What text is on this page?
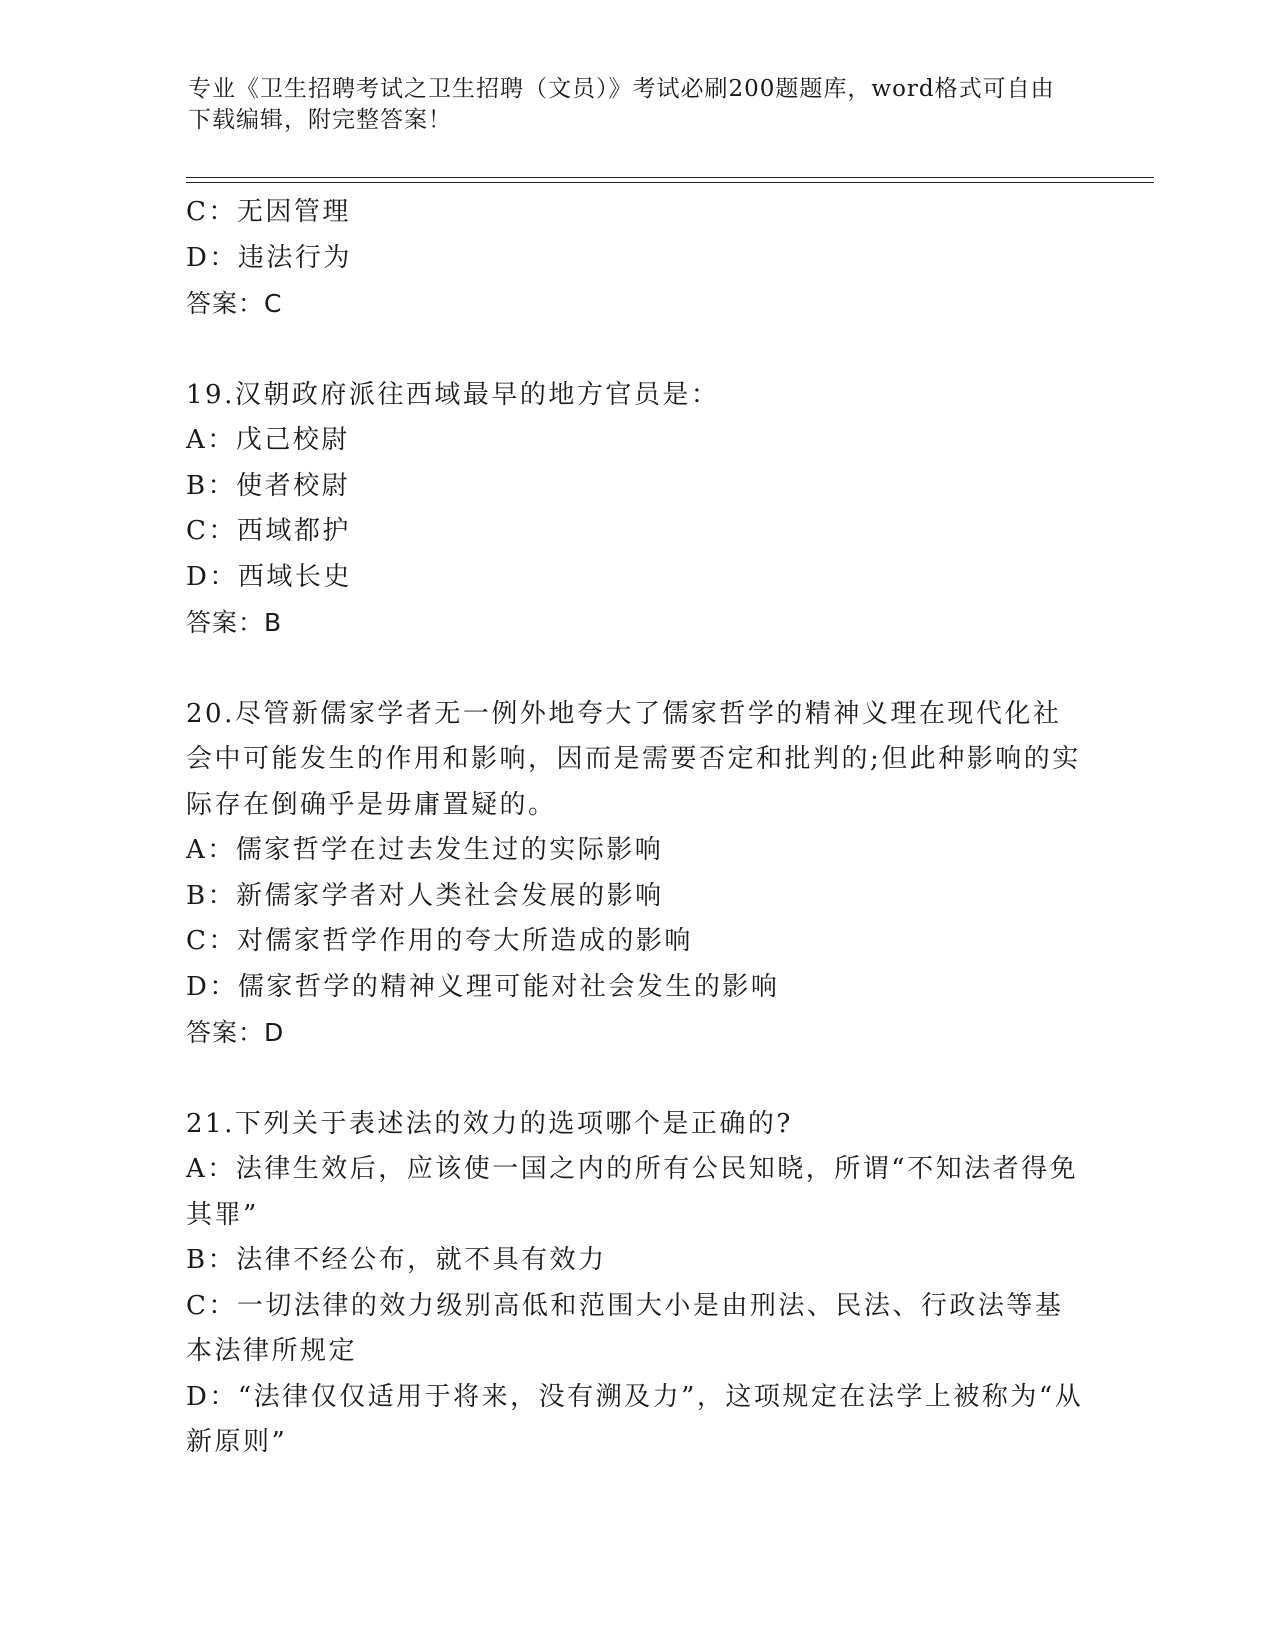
专业《卫生招聘考试之卫生招聘（文员）》考试必刷200题题库，word格式可自由下载编辑，附完整答案！
C：无因管理
D：违法行为
答案：C
19.汉朝政府派往西域最早的地方官员是：
A：戊己校尉
B：使者校尉
C：西域都护
D：西域长史
答案：B
20.尽管新儒家学者无一例外地夸大了儒家哲学的精神义理在现代化社会中可能发生的作用和影响，因而是需要否定和批判的;但此种影响的实际存在倒确乎是毋庸置疑的。
A：儒家哲学在过去发生过的实际影响
B：新儒家学者对人类社会发展的影响
C：对儒家哲学作用的夸大所造成的影响
D：儒家哲学的精神义理可能对社会发生的影响
答案：D
21.下列关于表述法的效力的选项哪个是正确的?
A：法律生效后，应该使一国之内的所有公民知晓，所谓“不知法者得免其罪”
B：法律不经公布，就不具有效力
C：一切法律的效力级别高低和范围大小是由刑法、民法、行政法等基本法律所规定
D：“法律仅仅适用于将来，没有溯及力”，这项规定在法学上被称为“从新原则”
